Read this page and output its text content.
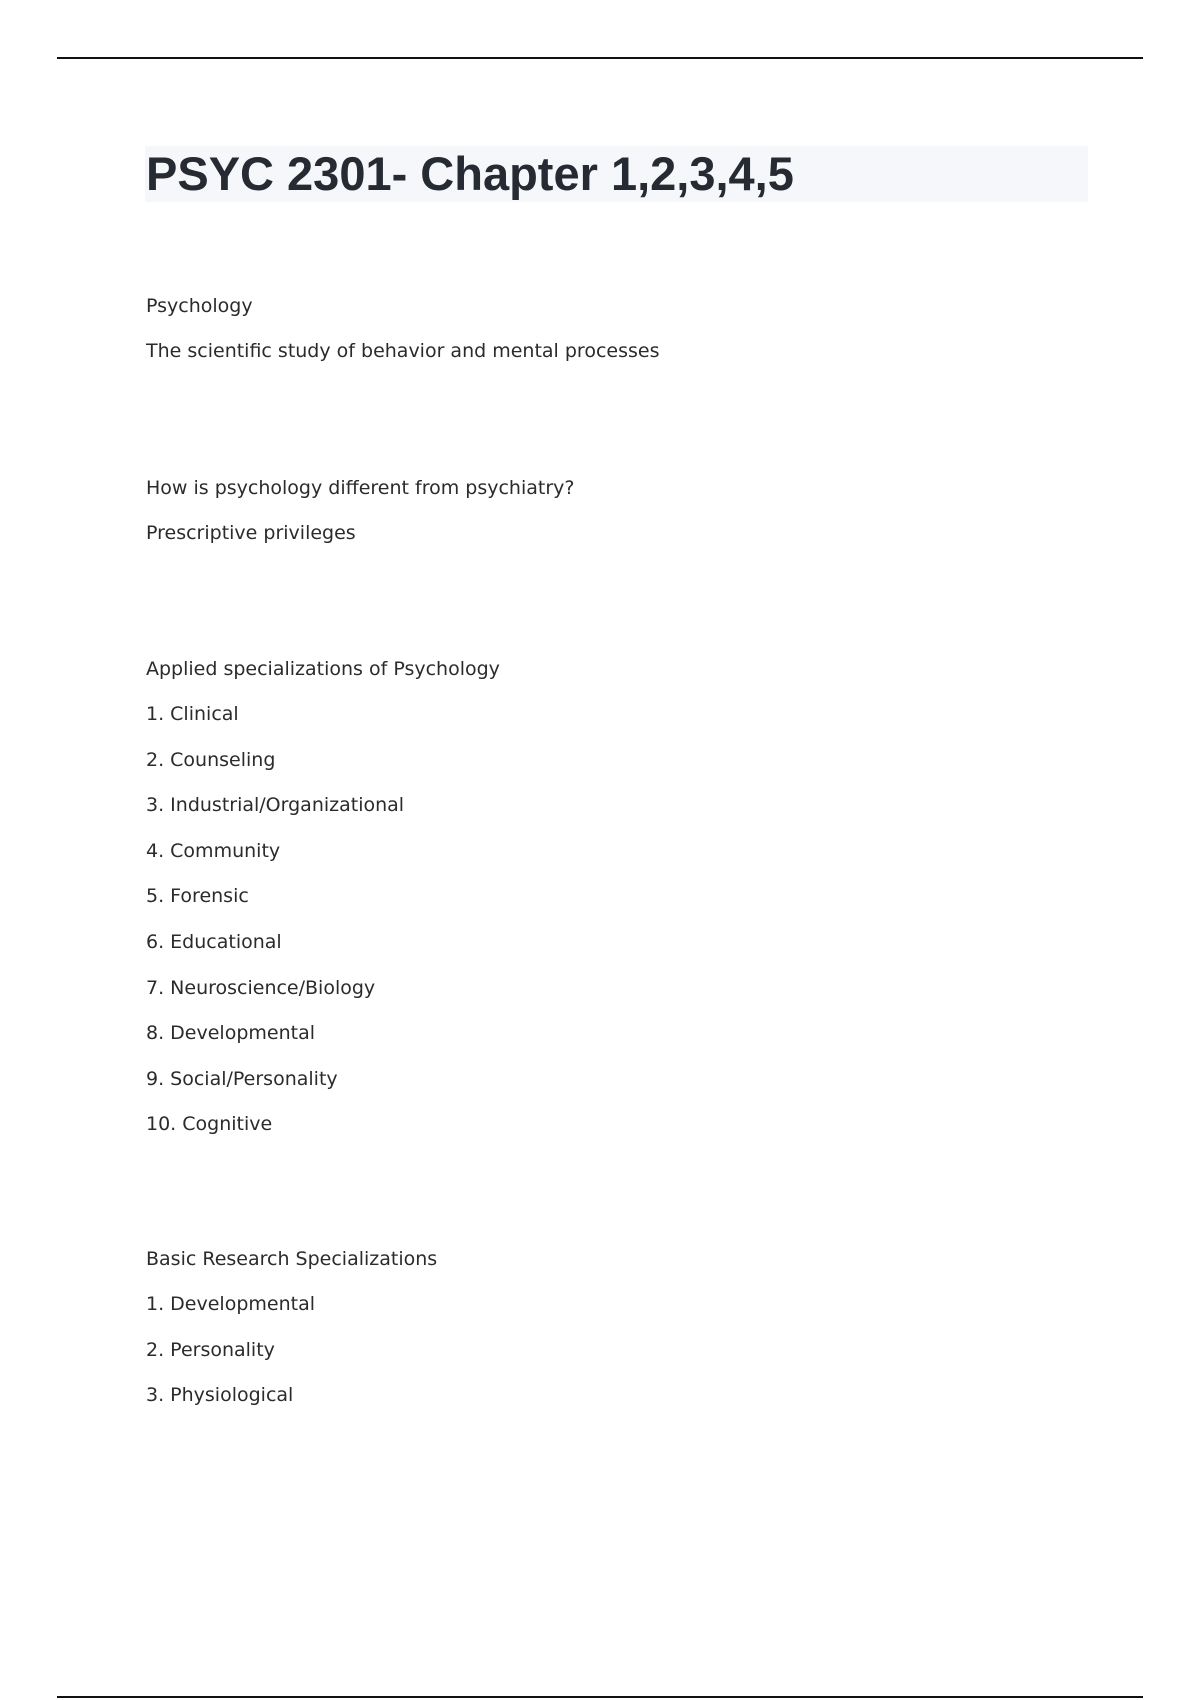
PSYC 2301- Chapter 1,2,3,4,5
Psychology
The scientific study of behavior and mental processes
How is psychology different from psychiatry?
Prescriptive privileges
Applied specializations of Psychology
1. Clinical
2. Counseling
3. Industrial/Organizational
4. Community
5. Forensic
6. Educational
7. Neuroscience/Biology
8. Developmental
9. Social/Personality
10. Cognitive
Basic Research Specializations
1. Developmental
2. Personality
3. Physiological
